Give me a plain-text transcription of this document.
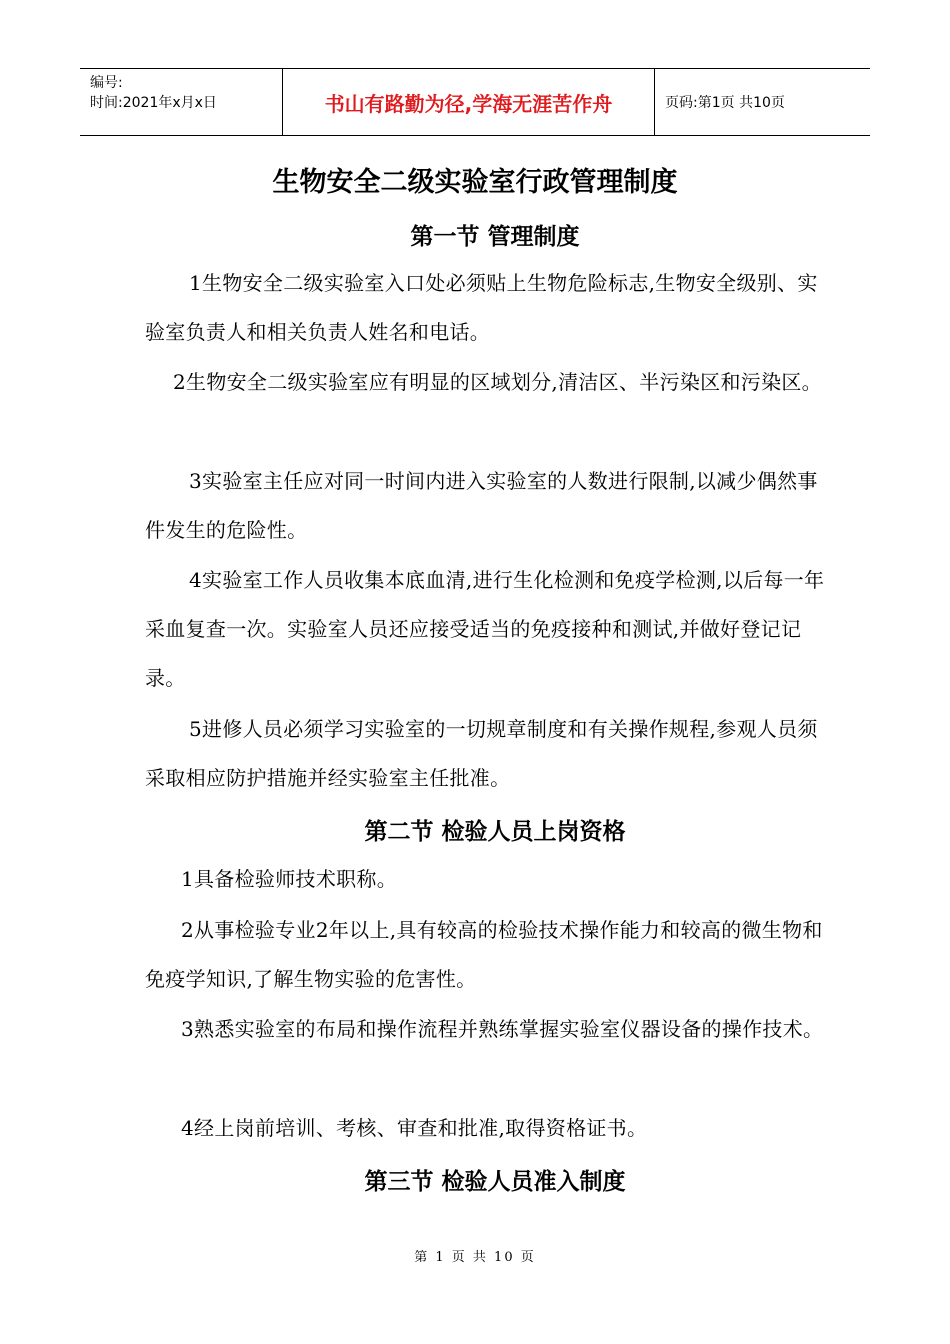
编号:
时间:2021年x月x日	书山有路勤为径,学海无涯苦作舟	页码:第1页 共10页
生物安全二级实验室行政管理制度
第一节 管理制度

1生物安全二级实验室入口处必须贴上生物危险标志,生物安全级别、实验室负责人和相关负责人姓名和电话。

2生物安全二级实验室应有明显的区域划分,清洁区、半污染区和污染区。

3实验室主任应对同一时间内进入实验室的人数进行限制,以减少偶然事件发生的危险性。

4实验室工作人员收集本底血清,进行生化检测和免疫学检测,以后每一年采血复查一次。实验室人员还应接受适当的免疫接种和测试,并做好登记记录。

5进修人员必须学习实验室的一切规章制度和有关操作规程,参观人员须采取相应防护措施并经实验室主任批准。

第二节 检验人员上岗资格

1具备检验师技术职称。

2从事检验专业2年以上,具有较高的检验技术操作能力和较高的微生物和免疫学知识,了解生物实验的危害性。

3熟悉实验室的布局和操作流程并熟练掌握实验室仪器设备的操作技术。

4经上岗前培训、考核、审查和批准,取得资格证书。

第三节 检验人员准入制度
第 1 页 共 10 页
